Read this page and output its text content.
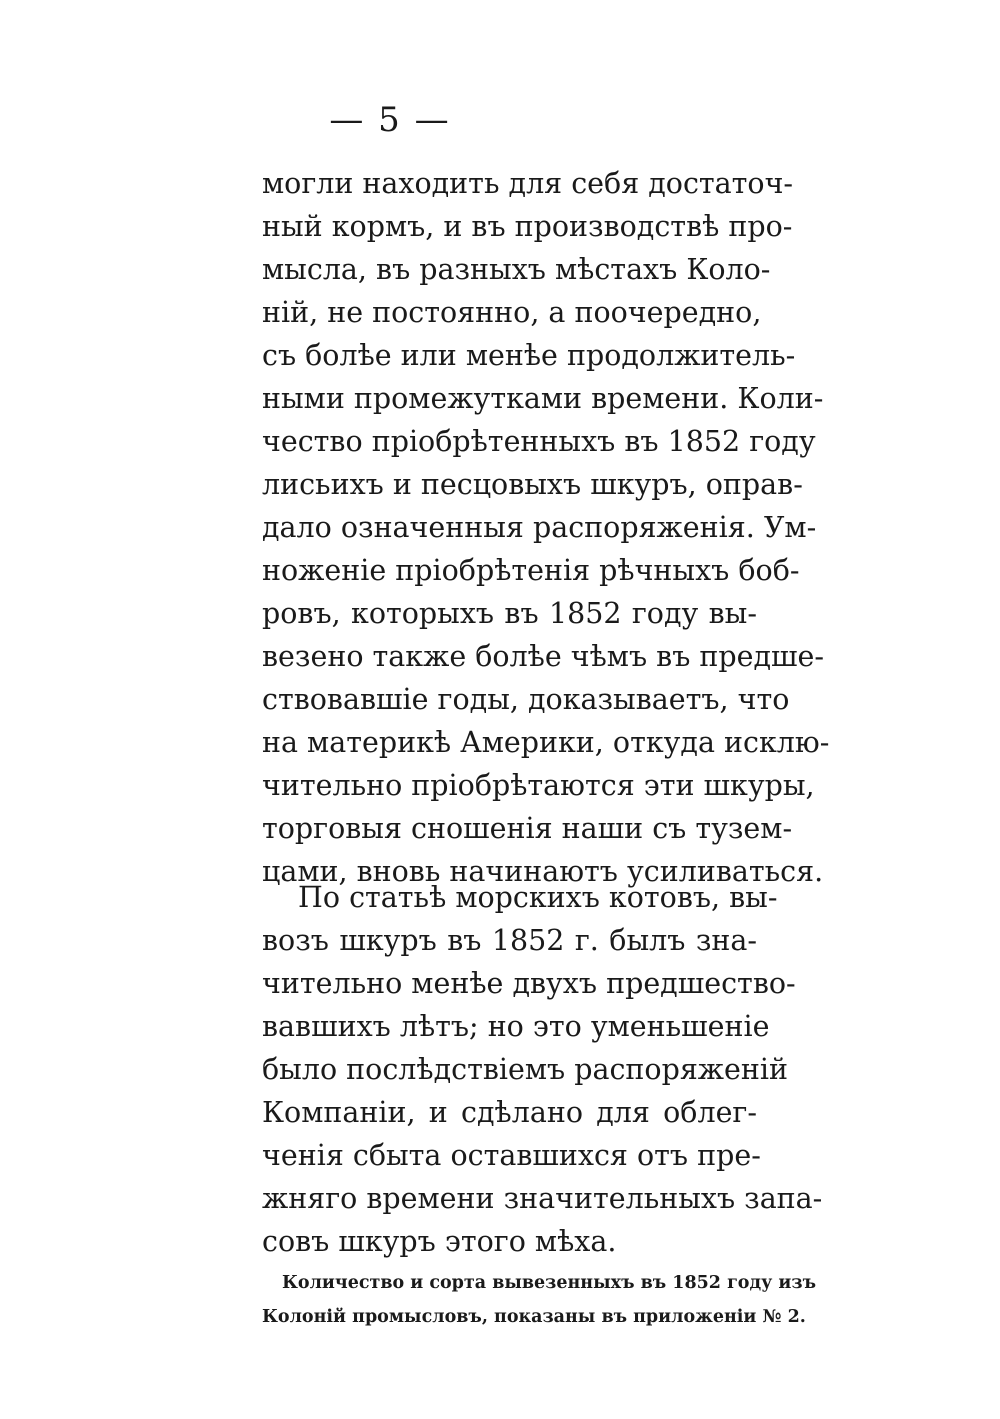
— 5 —
могли находить для себя достаточ-
ный кормъ, и въ производствѣ про-
мысла, въ разныхъ мѣстахъ Коло-
ній, не постоянно, а поочередно,
съ болѣе или менѣе продолжитель-
ными промежутками времени. Коли-
чество пріобрѣтенныхъ въ 1852 году
лисьихъ и песцовыхъ шкуръ, оправ-
дало означенныя распоряженія. Ум-
ноженіе пріобрѣтенія рѣчныхъ боб-
ровъ, которыхъ въ 1852 году вы-
везено также болѣе чѣмъ въ предше-
ствовавшіе годы, доказываетъ, что
на материкѣ Америки, откуда исклю-
чительно пріобрѣтаются эти шкуры,
торговыя сношенія наши съ тузем-
цами, вновь начинаютъ усиливаться.
По статьѣ морскихъ котовъ, вы-
возъ шкуръ въ 1852 г. былъ зна-
чительно менѣе двухъ предшество-
вавшихъ лѣтъ; но это уменьшеніе
было послѣдствіемъ распоряженій
Компаніи, и сдѣлано для облег-
ченія сбыта оставшихся отъ пре-
жняго времени значительныхъ запа-
совъ шкуръ этого мѣха.
Количество и сорта вывезенныхъ въ 1852 году изъ
Колоній промысловъ, показаны въ приложеніи № 2.
